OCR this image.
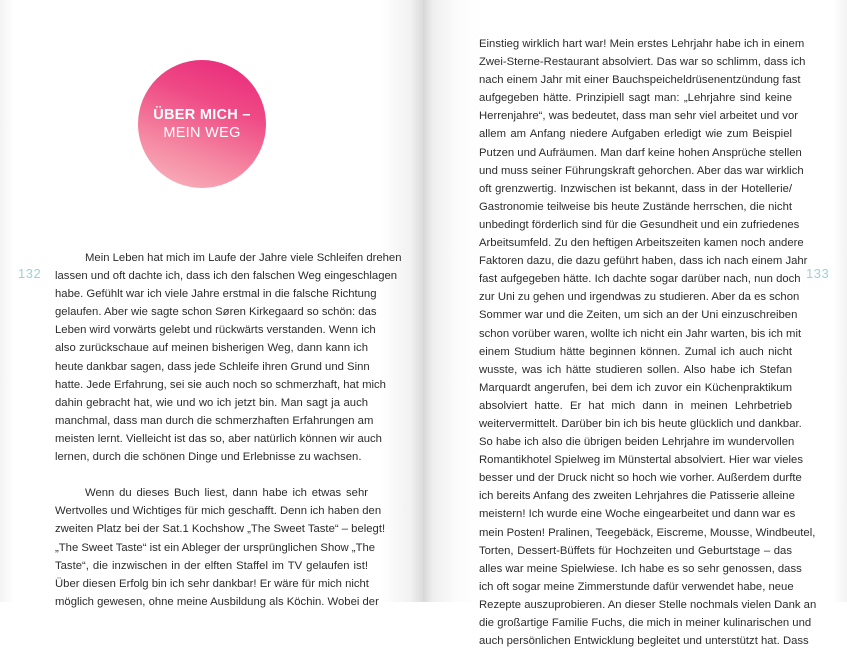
ÜBER MICH –
MEIN WEG
132	133
Mein Leben hat mich im Laufe der Jahre viele Schleifen drehen
lassen und oft dachte ich, dass ich den falschen Weg eingeschlagen
habe. Gefühlt war ich viele Jahre erstmal in die falsche Richtung
gelaufen. Aber wie sagte schon Søren Kirkegaard so schön: das
Leben wird vorwärts gelebt und rückwärts verstanden. Wenn ich
also zurückschaue auf meinen bisherigen Weg, dann kann ich
heute dankbar sagen, dass jede Schleife ihren Grund und Sinn
hatte. Jede Erfahrung, sei sie auch noch so schmerzhaft, hat mich
dahin gebracht hat, wie und wo ich jetzt bin. Man sagt ja auch
manchmal, dass man durch die schmerzhaften Erfahrungen am
meisten lernt. Vielleicht ist das so, aber natürlich können wir auch
lernen, durch die schönen Dinge und Erlebnisse zu wachsen.
Wenn du dieses Buch liest, dann habe ich etwas sehr
Wertvolles und Wichtiges für mich geschafft. Denn ich haben den
zweiten Platz bei der Sat.1 Kochshow „The Sweet Taste“ – belegt!
„The Sweet Taste“ ist ein Ableger der ursprünglichen Show „The
Taste“, die inzwischen in der elften Staffel im TV gelaufen ist!
Über diesen Erfolg bin ich sehr dankbar! Er wäre für mich nicht
möglich gewesen, ohne meine Ausbildung als Köchin. Wobei der
Einstieg wirklich hart war! Mein erstes Lehrjahr habe ich in einem
Zwei-Sterne-Restaurant absolviert. Das war so schlimm, dass ich
nach einem Jahr mit einer Bauchspeicheldrüsenentzündung fast
aufgegeben hätte. Prinzipiell sagt man: „Lehrjahre sind keine
Herrenjahre“, was bedeutet, dass man sehr viel arbeitet und vor
allem am Anfang niedere Aufgaben erledigt wie zum Beispiel
Putzen und Aufräumen. Man darf keine hohen Ansprüche stellen
und muss seiner Führungskraft gehorchen. Aber das war wirklich
oft grenzwertig. Inzwischen ist bekannt, dass in der Hotellerie/
Gastronomie teilweise bis heute Zustände herrschen, die nicht
unbedingt förderlich sind für die Gesundheit und ein zufriedenes
Arbeitsumfeld. Zu den heftigen Arbeitszeiten kamen noch andere
Faktoren dazu, die dazu geführt haben, dass ich nach einem Jahr
fast aufgegeben hätte. Ich dachte sogar darüber nach, nun doch
zur Uni zu gehen und irgendwas zu studieren. Aber da es schon
Sommer war und die Zeiten, um sich an der Uni einzuschreiben
schon vorüber waren, wollte ich nicht ein Jahr warten, bis ich mit
einem Studium hätte beginnen können. Zumal ich auch nicht
wusste, was ich hätte studieren sollen. Also habe ich Stefan
Marquardt angerufen, bei dem ich zuvor ein Küchenpraktikum
absolviert hatte. Er hat mich dann in meinen Lehrbetrieb
weitervermittelt. Darüber bin ich bis heute glücklich und dankbar.
So habe ich also die übrigen beiden Lehrjahre im wundervollen
Romantikhotel Spielweg im Münstertal absolviert. Hier war vieles
besser und der Druck nicht so hoch wie vorher. Außerdem durfte
ich bereits Anfang des zweiten Lehrjahres die Patisserie alleine
meistern! Ich wurde eine Woche eingearbeitet und dann war es
mein Posten! Pralinen, Teegebäck, Eiscreme, Mousse, Windbeutel,
Torten, Dessert-Büffets für Hochzeiten und Geburtstage – das
alles war meine Spielwiese. Ich habe es so sehr genossen, dass
ich oft sogar meine Zimmerstunde dafür verwendet habe, neue
Rezepte auszuprobieren. An dieser Stelle nochmals vielen Dank an
die großartige Familie Fuchs, die mich in meiner kulinarischen und
auch persönlichen Entwicklung begleitet und unterstützt hat. Dass
